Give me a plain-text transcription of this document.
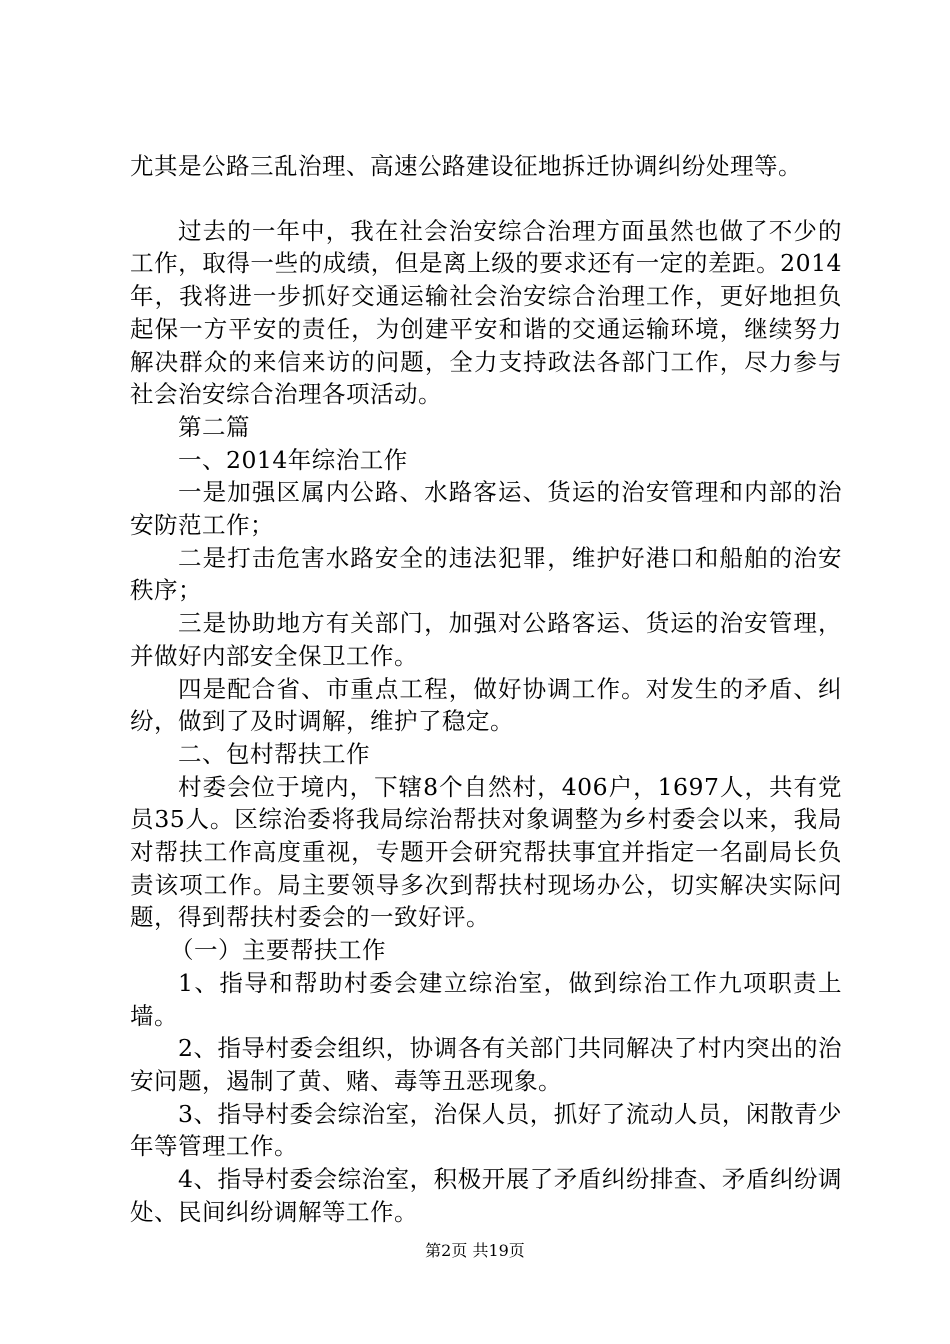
尤其是公路三乱治理、高速公路建设征地拆迁协调纠纷处理等。

过去的一年中，我在社会治安综合治理方面虽然也做了不少的工作，取得一些的成绩，但是离上级的要求还有一定的差距。2014年，我将进一步抓好交通运输社会治安综合治理工作，更好地担负起保一方平安的责任，为创建平安和谐的交通运输环境，继续努力解决群众的来信来访的问题，全力支持政法各部门工作，尽力参与社会治安综合治理各项活动。

第二篇

一、2014年综治工作

一是加强区属内公路、水路客运、货运的治安管理和内部的治安防范工作；

二是打击危害水路安全的违法犯罪，维护好港口和船舶的治安秩序；

三是协助地方有关部门，加强对公路客运、货运的治安管理，并做好内部安全保卫工作。

四是配合省、市重点工程，做好协调工作。对发生的矛盾、纠纷，做到了及时调解，维护了稳定。

二、包村帮扶工作

村委会位于境内，下辖8个自然村，406户，1697人，共有党员35人。区综治委将我局综治帮扶对象调整为乡村委会以来，我局对帮扶工作高度重视，专题开会研究帮扶事宜并指定一名副局长负责该项工作。局主要领导多次到帮扶村现场办公，切实解决实际问题，得到帮扶村委会的一致好评。

（一）主要帮扶工作

1、指导和帮助村委会建立综治室，做到综治工作九项职责上墙。

2、指导村委会组织，协调各有关部门共同解决了村内突出的治安问题，遏制了黄、赌、毒等丑恶现象。

3、指导村委会综治室，治保人员，抓好了流动人员，闲散青少年等管理工作。

4、指导村委会综治室，积极开展了矛盾纠纷排查、矛盾纠纷调处、民间纠纷调解等工作。

第2页 共19页
